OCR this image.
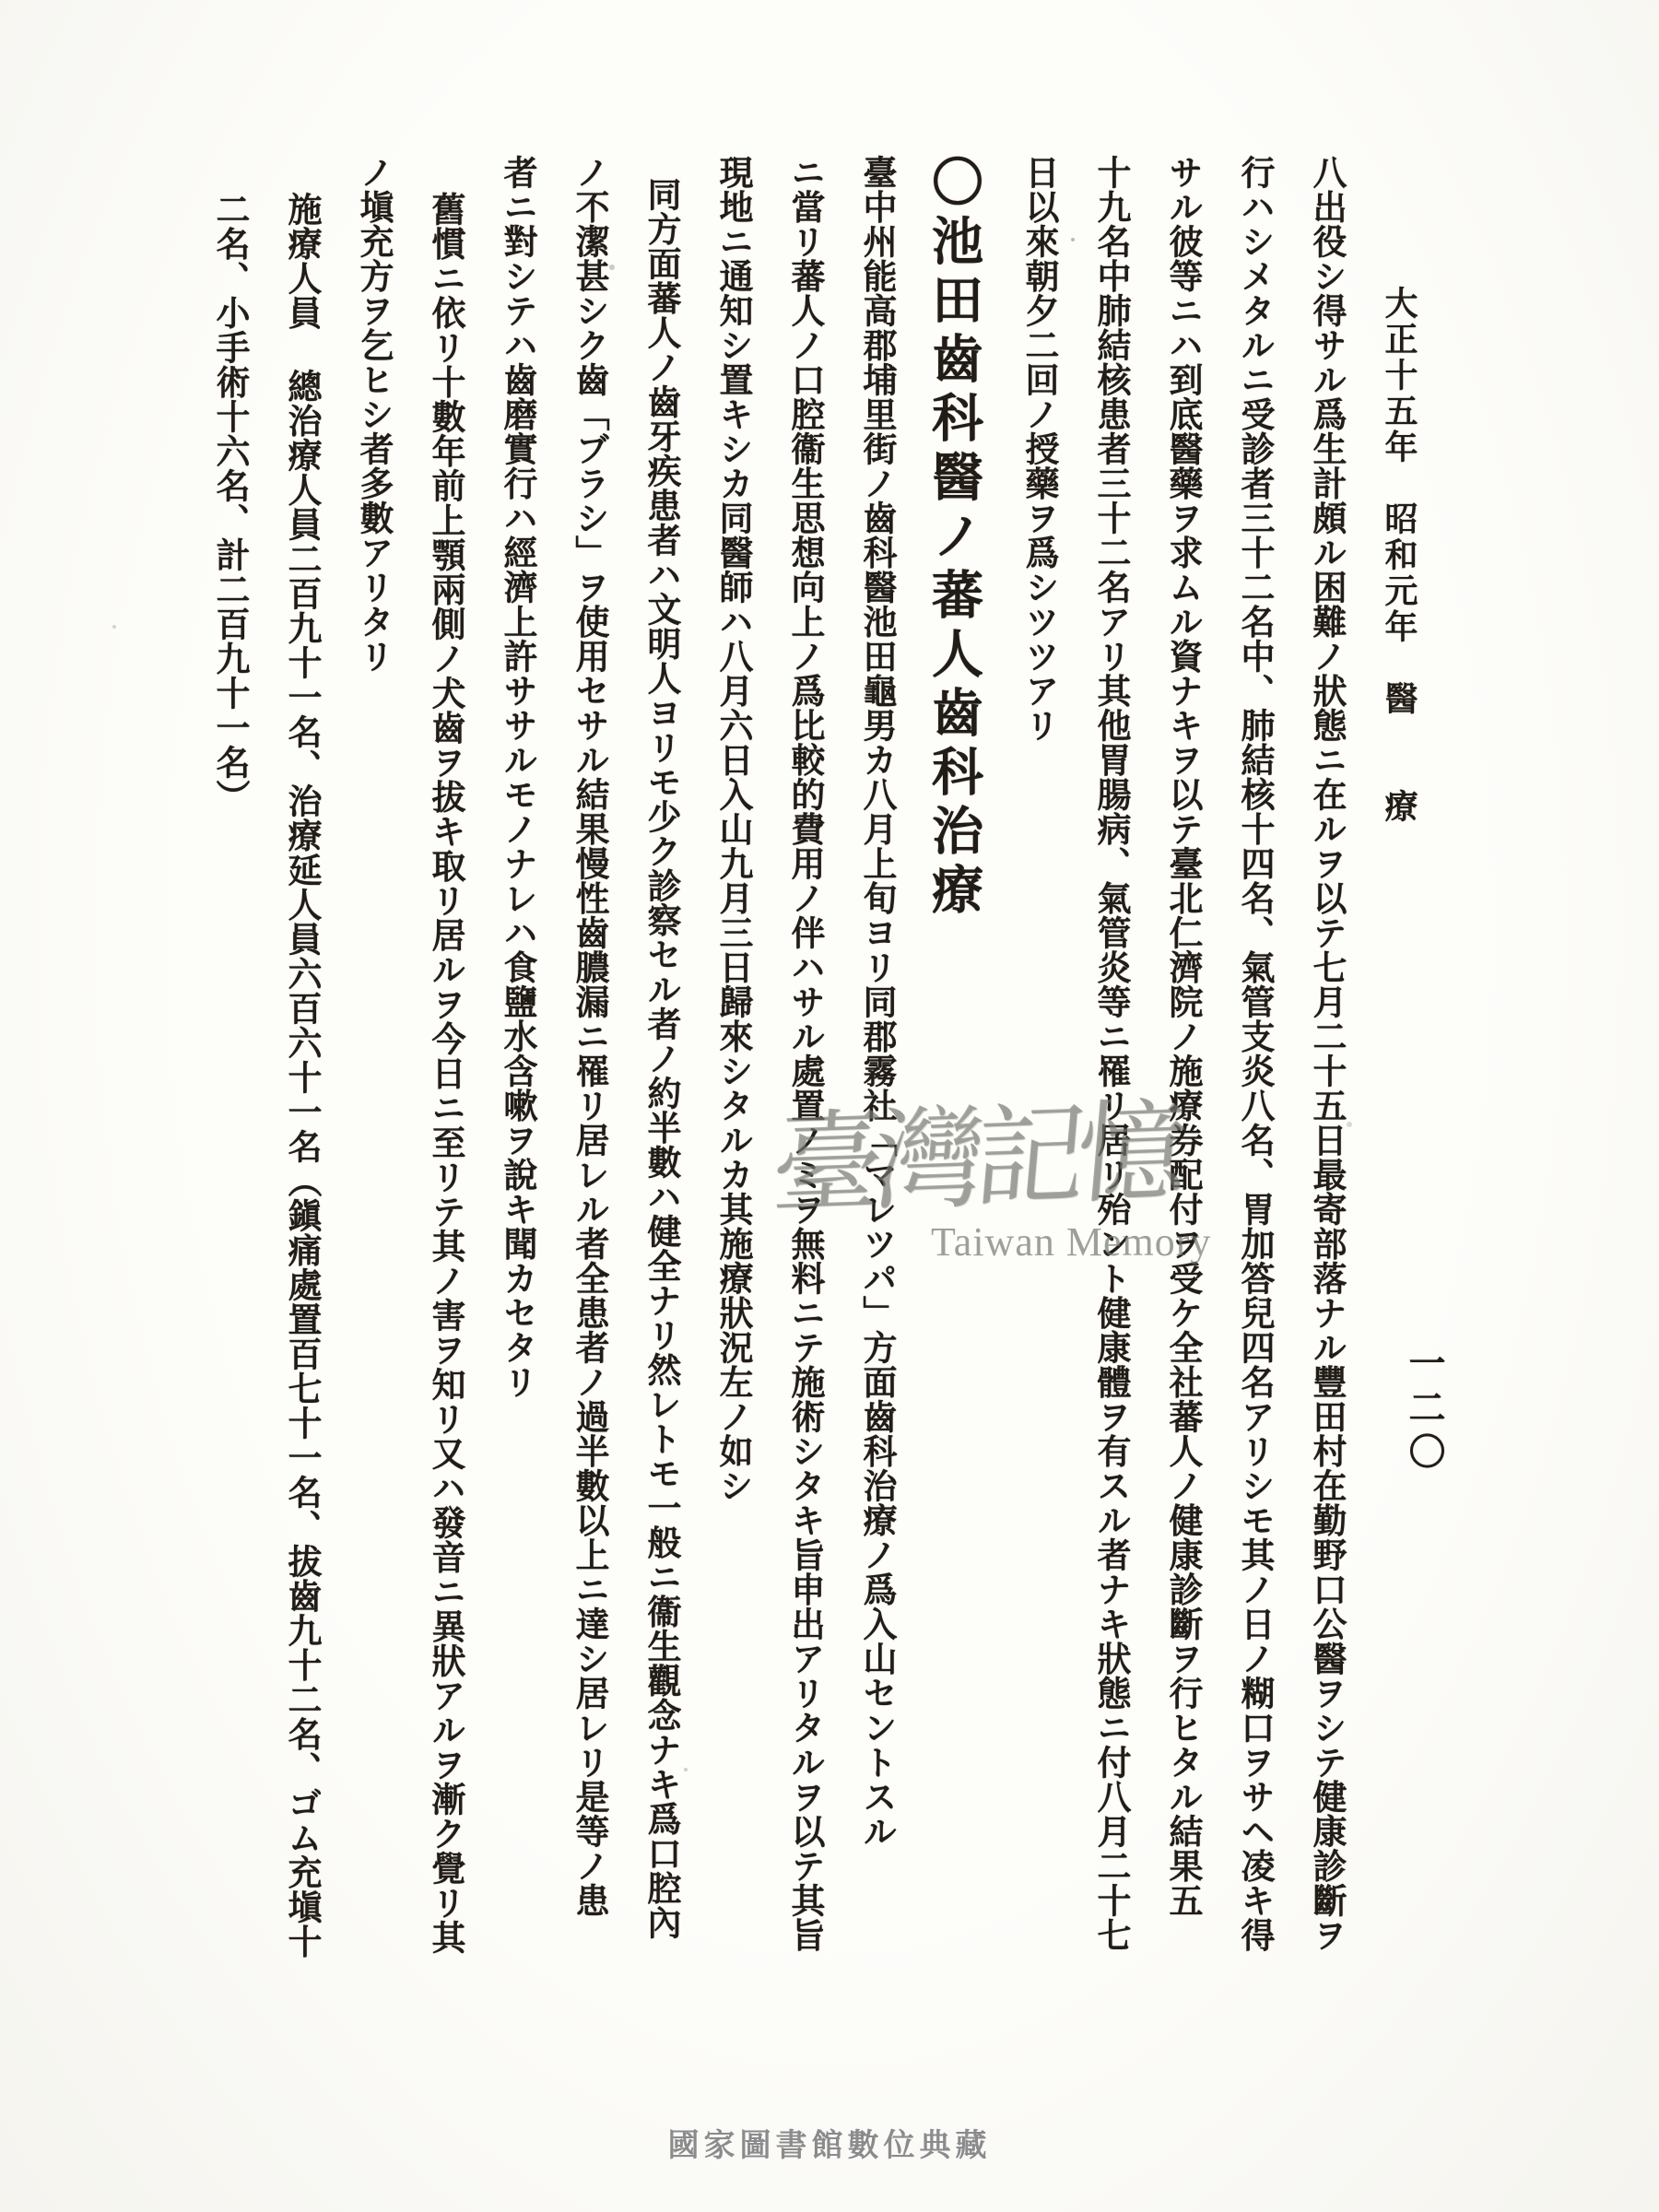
大正十五年　昭和元年　醫　　療
一二〇
八出役シ得サル爲生計頗ル困難ノ狀態ニ在ルヲ以テ七月二十五日最寄部落ナル豐田村在勤野口公醫ヲシテ健康診斷ヲ
行ハシメタルニ受診者三十二名中、肺結核十四名、氣管支炎八名、胃加答兒四名アリシモ其ノ日ノ糊口ヲサヘ凌キ得
サル彼等ニハ到底醫藥ヲ求ムル資ナキヲ以テ臺北仁濟院ノ施療券配付ヲ受ケ全社蕃人ノ健康診斷ヲ行ヒタル結果五
十九名中肺結核患者三十二名アリ其他胃腸病、氣管炎等ニ罹リ居リ殆ント健康體ヲ有スル者ナキ狀態ニ付八月二十七
日以來朝夕二回ノ授藥ヲ爲シツツアリ
〇池田齒科醫ノ蕃人齒科治療
臺中州能高郡埔里街ノ齒科醫池田龜男カ八月上旬ヨリ同郡霧社「マレツパ」方面齒科治療ノ爲入山セントスル
ニ當リ蕃人ノ口腔衞生思想向上ノ爲比較的費用ノ伴ハサル處置ノミヲ無料ニテ施術シタキ旨申出アリタルヲ以テ其旨
現地ニ通知シ置キシカ同醫師ハ八月六日入山九月三日歸來シタルカ其施療狀況左ノ如シ
同方面蕃人ノ齒牙疾患者ハ文明人ヨリモ少ク診察セル者ノ約半數ハ健全ナリ然レトモ一般ニ衞生觀念ナキ爲口腔內
ノ不潔甚シク齒「ブラシ」ヲ使用セサル結果慢性齒膿漏ニ罹リ居レル者全患者ノ過半數以上ニ達シ居レリ是等ノ患
者ニ對シテハ齒磨實行ハ經濟上許ササルモノナレハ食鹽水含嗽ヲ說キ聞カセタリ
舊慣ニ依リ十數年前上顎兩側ノ犬齒ヲ拔キ取リ居ルヲ今日ニ至リテ其ノ害ヲ知リ又ハ發音ニ異狀アルヲ漸ク覺リ其
ノ塡充方ヲ乞ヒシ者多數アリタリ
施療人員總治療人員二百九十一名、治療延人員六百六十一名（鎭痛處置百七十一名、拔齒九十二名、ゴム充塡十
二名、小手術十六名、計二百九十一名）
臺灣記憶
Taiwan Memory
國家圖書館數位典藏
